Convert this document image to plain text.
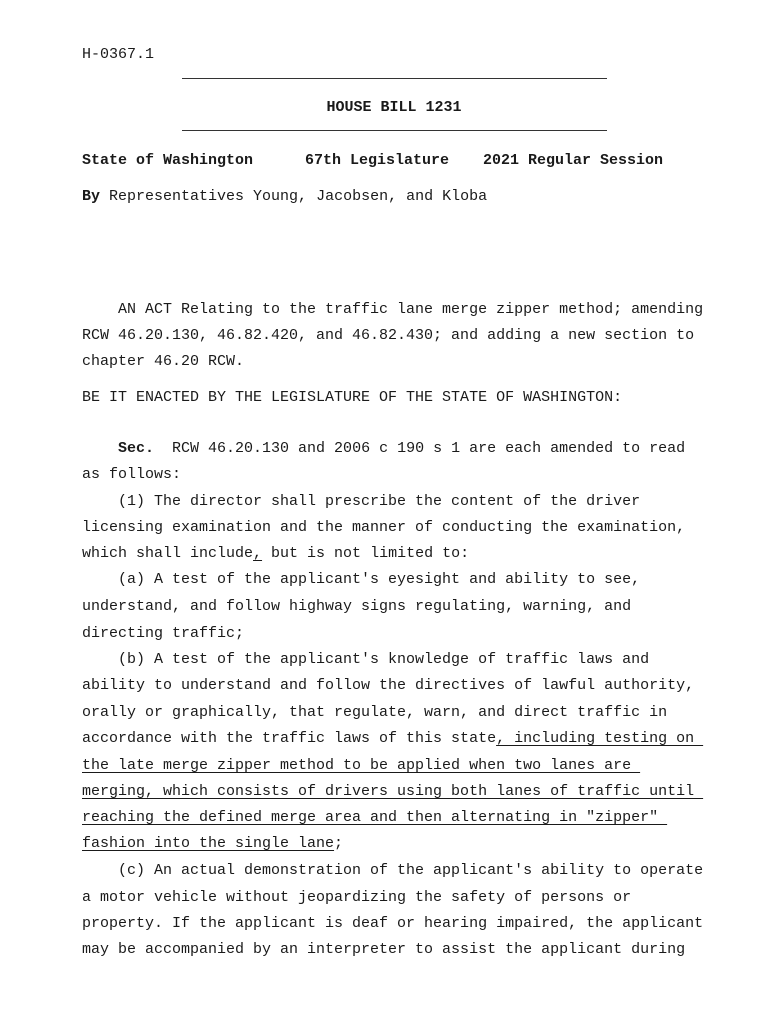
H-0367.1
HOUSE BILL 1231
State of Washington	67th Legislature 2021 Regular Session
By Representatives Young, Jacobsen, and Kloba
AN ACT Relating to the traffic lane merge zipper method; amending
RCW 46.20.130, 46.82.420, and 46.82.430; and adding a new section to
chapter 46.20 RCW.
BE IT ENACTED BY THE LEGISLATURE OF THE STATE OF WASHINGTON:
Sec.  RCW 46.20.130 and 2006 c 190 s 1 are each amended to read
as follows:
(1) The director shall prescribe the content of the driver
licensing examination and the manner of conducting the examination,
which shall include, but is not limited to:
(a) A test of the applicant's eyesight and ability to see,
understand, and follow highway signs regulating, warning, and
directing traffic;
(b) A test of the applicant's knowledge of traffic laws and
ability to understand and follow the directives of lawful authority,
orally or graphically, that regulate, warn, and direct traffic in
accordance with the traffic laws of this state, including testing on
the late merge zipper method to be applied when two lanes are
merging, which consists of drivers using both lanes of traffic until
reaching the defined merge area and then alternating in "zipper"
fashion into the single lane;
(c) An actual demonstration of the applicant's ability to operate
a motor vehicle without jeopardizing the safety of persons or
property. If the applicant is deaf or hearing impaired, the applicant
may be accompanied by an interpreter to assist the applicant during
